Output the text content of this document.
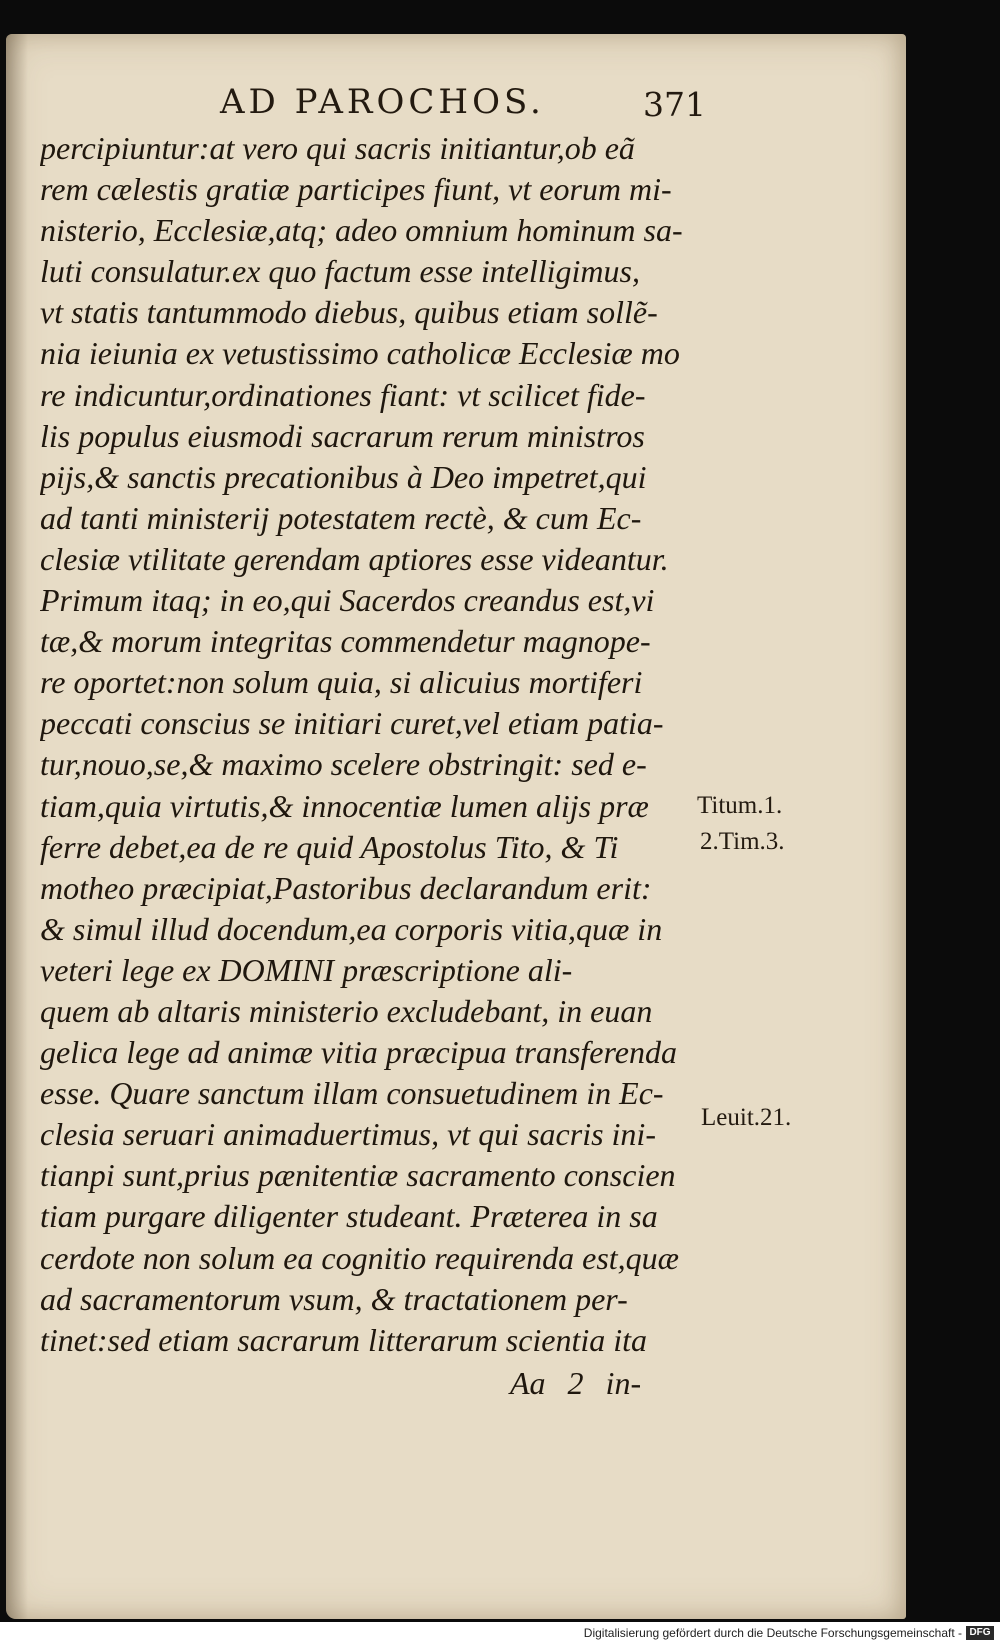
AD PAROCHOS.	371
percipiuntur:at vero qui sacris initiantur,ob eã
rem cælestis gratiæ participes fiunt, vt eorum mi-
nisterio, Ecclesiæ,atq; adeo omnium hominum sa-
luti consulatur.ex quo factum esse intelligimus,
vt statis tantummodo diebus, quibus etiam sollẽ-
nia ieiunia ex vetustissimo catholicæ Ecclesiæ mo
re indicuntur,ordinationes fiant: vt scilicet fide-
lis populus eiusmodi sacrarum rerum ministros
pijs,& sanctis precationibus à Deo impetret,qui
ad tanti ministerij potestatem rectè, & cum Ec-
clesiæ vtilitate gerendam aptiores esse videantur.
Primum itaq; in eo,qui Sacerdos creandus est,vi
tæ,& morum integritas commendetur magnope-
re oportet:non solum quia, si alicuius mortiferi
peccati conscius se initiari curet,vel etiam patia-
tur,nouo,se,& maximo scelere obstringit: sed e-
tiam,quia virtutis,& innocentiæ lumen alijs præ
ferre debet,ea de re quid Apostolus Tito, & Ti
motheo præcipiat,Pastoribus declarandum erit:
& simul illud docendum,ea corporis vitia,quæ in
veteri lege ex DOMINI præscriptione ali-
quem ab altaris ministerio excludebant, in euan
gelica lege ad animæ vitia præcipua transferenda
esse. Quare sanctum illam consuetudinem in Ec-
clesia seruari animaduertimus, vt qui sacris ini-
tianpi sunt,prius pænitentiæ sacramento conscien
tiam purgare diligenter studeant. Præterea in sa
cerdote non solum ea cognitio requirenda est,quæ
ad sacramentorum vsum, & tractationem per-
tinet:sed etiam sacrarum litterarum scientia ita
Titum.1.
2.Tim.3.
Leuit.21.
Aa 2 in-
Digitalisierung gefördert durch die Deutsche Forschungsgemeinschaft - DFG
